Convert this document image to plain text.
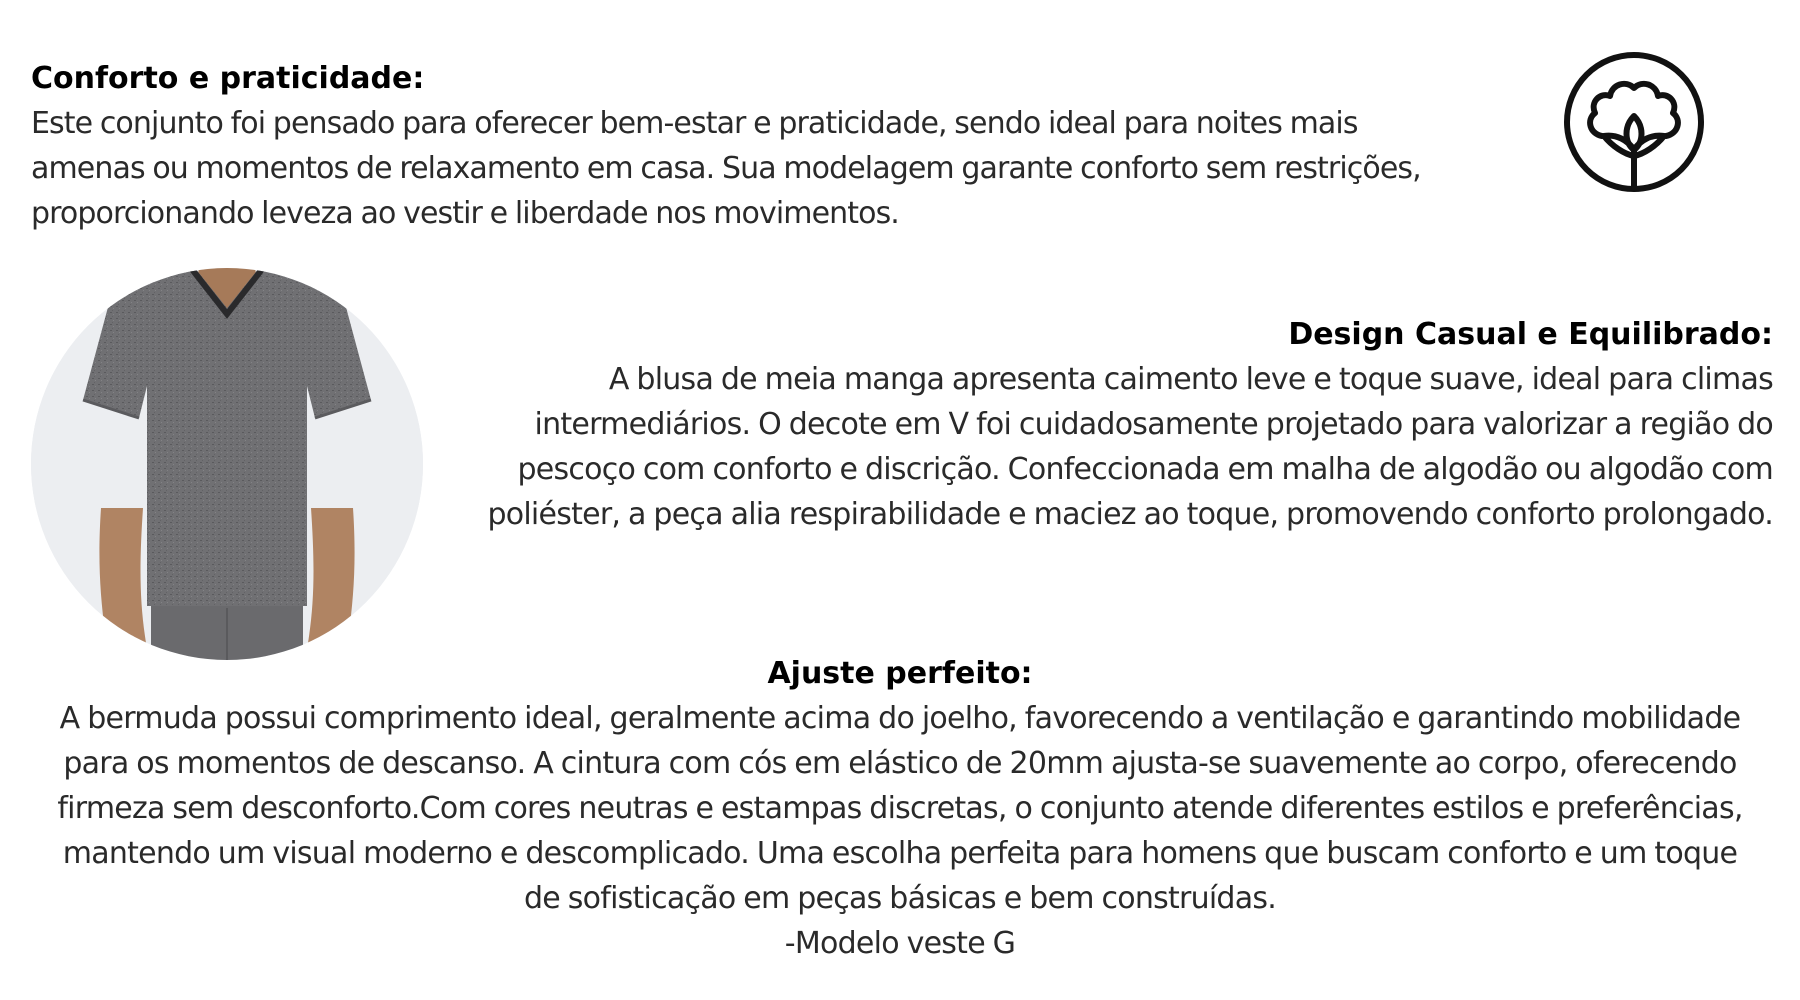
Conforto e praticidade:

Este conjunto foi pensado para oferecer bem-estar e praticidade, sendo ideal para noites mais
amenas ou momentos de relaxamento em casa. Sua modelagem garante conforto sem restrições,
proporcionando leveza ao vestir e liberdade nos movimentos.

Design Casual e Equilibrado:

A blusa de meia manga apresenta caimento leve e toque suave, ideal para climas
intermediários. O decote em V foi cuidadosamente projetado para valorizar a região do
pescoço com conforto e discrição. Confeccionada em malha de algodão ou algodão com
poliéster, a peça alia respirabilidade e maciez ao toque, promovendo conforto prolongado.

Ajuste perfeito:

A bermuda possui comprimento ideal, geralmente acima do joelho, favorecendo a ventilação e garantindo mobilidade
para os momentos de descanso. A cintura com cós em elástico de 20mm ajusta-se suavemente ao corpo, oferecendo
firmeza sem desconforto.Com cores neutras e estampas discretas, o conjunto atende diferentes estilos e preferências,
mantendo um visual moderno e descomplicado. Uma escolha perfeita para homens que buscam conforto e um toque
de sofisticação em peças básicas e bem construídas.
-Modelo veste G
